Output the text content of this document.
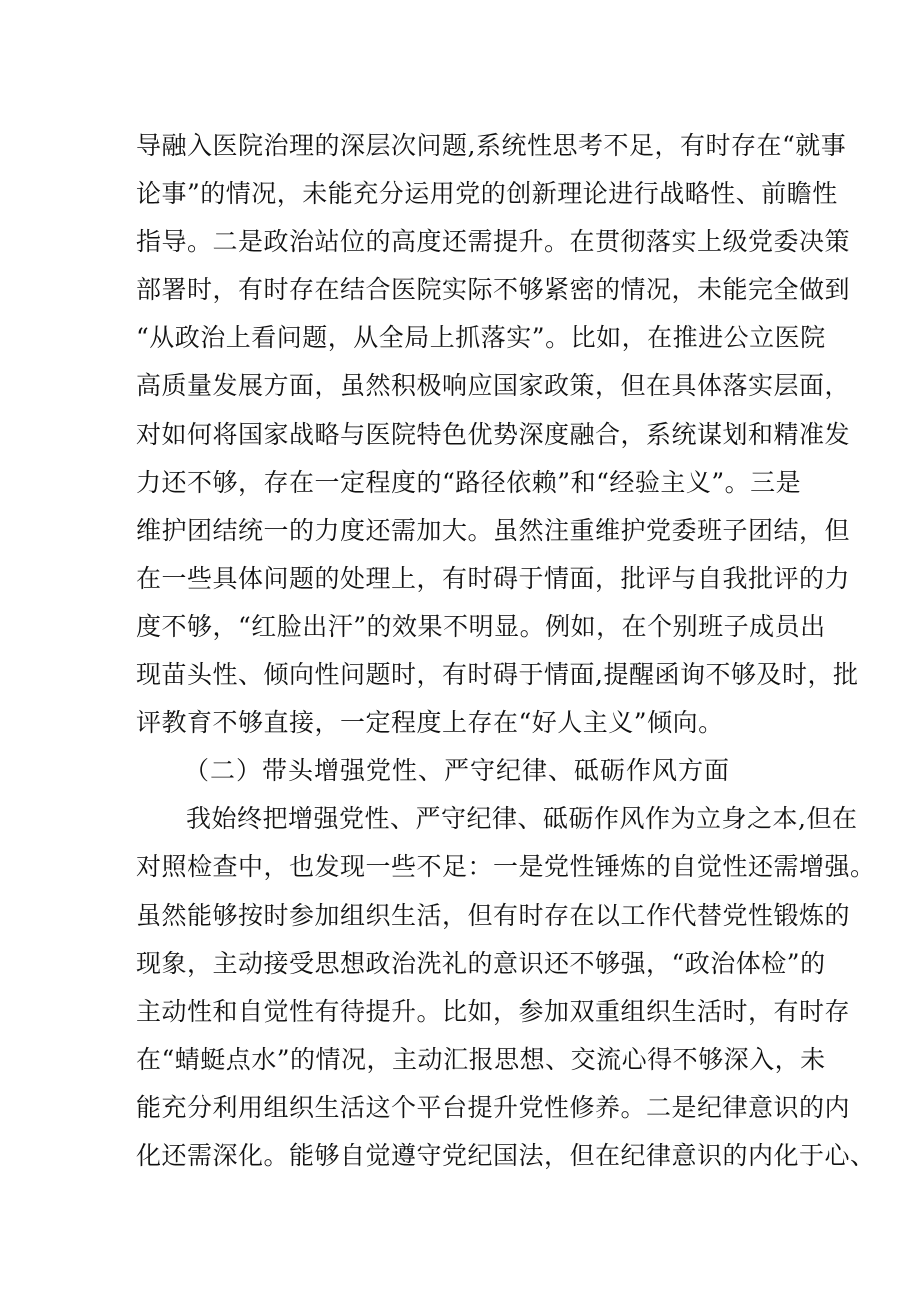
导融入医院治理的深层次问题,系统性思考不足，有时存在“就事
论事”的情况，未能充分运用党的创新理论进行战略性、前瞻性
指导。二是政治站位的高度还需提升。在贯彻落实上级党委决策
部署时，有时存在结合医院实际不够紧密的情况，未能完全做到
“从政治上看问题，从全局上抓落实”。比如，在推进公立医院
高质量发展方面，虽然积极响应国家政策，但在具体落实层面，
对如何将国家战略与医院特色优势深度融合，系统谋划和精准发
力还不够，存在一定程度的“路径依赖”和“经验主义”。三是
维护团结统一的力度还需加大。虽然注重维护党委班子团结，但
在一些具体问题的处理上，有时碍于情面，批评与自我批评的力
度不够，“红脸出汗”的效果不明显。例如，在个别班子成员出
现苗头性、倾向性问题时，有时碍于情面,提醒函询不够及时，批
评教育不够直接，一定程度上存在“好人主义”倾向。
（二）带头增强党性、严守纪律、砥砺作风方面
我始终把增强党性、严守纪律、砥砺作风作为立身之本,但在
对照检查中，也发现一些不足：一是党性锤炼的自觉性还需增强。
虽然能够按时参加组织生活，但有时存在以工作代替党性锻炼的
现象，主动接受思想政治洗礼的意识还不够强，“政治体检”的
主动性和自觉性有待提升。比如，参加双重组织生活时，有时存
在“蜻蜓点水”的情况，主动汇报思想、交流心得不够深入，未
能充分利用组织生活这个平台提升党性修养。二是纪律意识的内
化还需深化。能够自觉遵守党纪国法，但在纪律意识的内化于心、
